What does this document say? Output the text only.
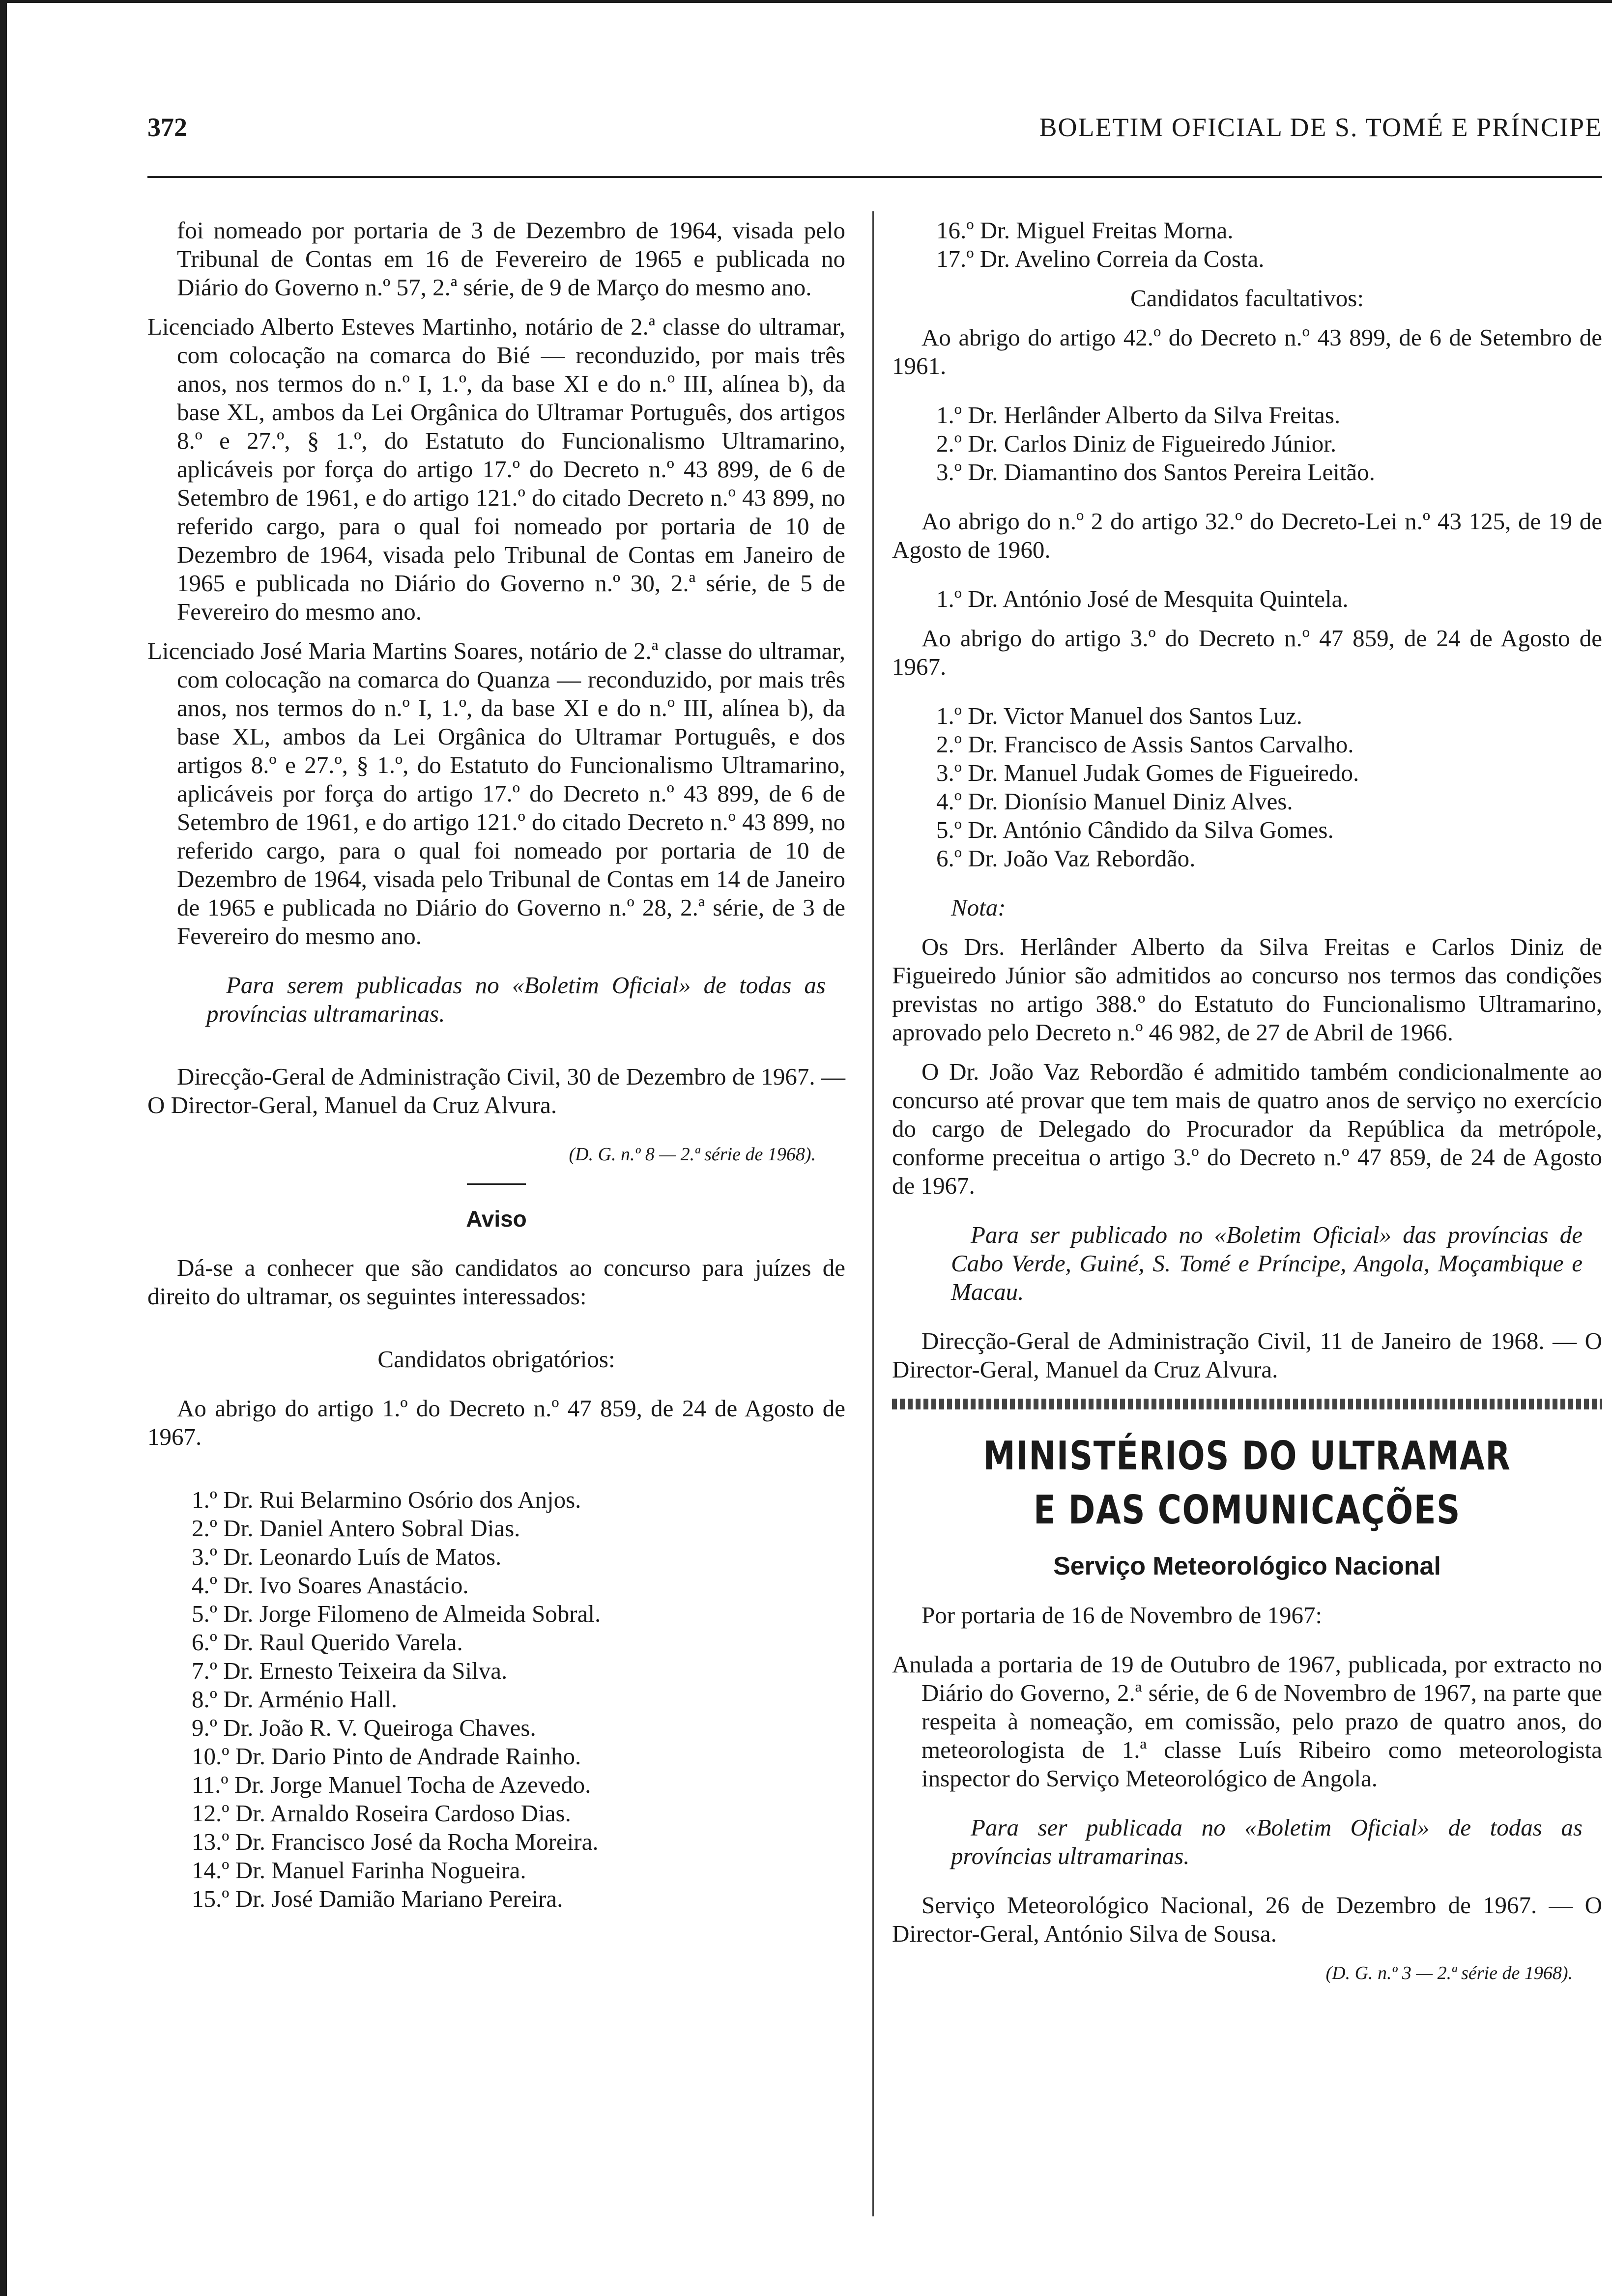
372	BOLETIM OFICIAL DE S. TOMÉ E PRÍNCIPE

foi nomeado por portaria de 3 de Dezembro de 1964, visada pelo Tribunal de Contas em 16 de Fevereiro de 1965 e publicada no Diário do Governo n.º 57, 2.ª série, de 9 de Março do mesmo ano.

Licenciado Alberto Esteves Martinho, notário de 2.ª classe do ultramar, com colocação na comarca do Bié — reconduzido, por mais três anos, nos termos do n.º I, 1.º, da base XI e do n.º III, alínea b), da base XL, ambos da Lei Orgânica do Ultramar Português, dos artigos 8.º e 27.º, § 1.º, do Estatuto do Funcionalismo Ultramarino, aplicáveis por força do artigo 17.º do Decreto n.º 43 899, de 6 de Setembro de 1961, e do artigo 121.º do citado Decreto n.º 43 899, no referido cargo, para o qual foi nomeado por portaria de 10 de Dezembro de 1964, visada pelo Tribunal de Contas em Janeiro de 1965 e publicada no Diário do Governo n.º 30, 2.ª série, de 5 de Fevereiro do mesmo ano.

Licenciado José Maria Martins Soares, notário de 2.ª classe do ultramar, com colocação na comarca do Quanza — reconduzido, por mais três anos, nos termos do n.º I, 1.º, da base XI e do n.º III, alínea b), da base XL, ambos da Lei Orgânica do Ultramar Português, e dos artigos 8.º e 27.º, § 1.º, do Estatuto do Funcionalismo Ultramarino, aplicáveis por força do artigo 17.º do Decreto n.º 43 899, de 6 de Setembro de 1961, e do artigo 121.º do citado Decreto n.º 43 899, no referido cargo, para o qual foi nomeado por portaria de 10 de Dezembro de 1964, visada pelo Tribunal de Contas em 14 de Janeiro de 1965 e publicada no Diário do Governo n.º 28, 2.ª série, de 3 de Fevereiro do mesmo ano.

Para serem publicadas no «Boletim Oficial» de todas as províncias ultramarinas.

Direcção-Geral de Administração Civil, 30 de Dezembro de 1967. — O Director-Geral, Manuel da Cruz Alvura.

(D. G. n.º 8 — 2.ª série de 1968).

Aviso

Dá-se a conhecer que são candidatos ao concurso para juízes de direito do ultramar, os seguintes interessados:

Candidatos obrigatórios:

Ao abrigo do artigo 1.º do Decreto n.º 47 859, de 24 de Agosto de 1967.

1.º Dr. Rui Belarmino Osório dos Anjos.

2.º Dr. Daniel Antero Sobral Dias.

3.º Dr. Leonardo Luís de Matos.

4.º Dr. Ivo Soares Anastácio.

5.º Dr. Jorge Filomeno de Almeida Sobral.

6.º Dr. Raul Querido Varela.

7.º Dr. Ernesto Teixeira da Silva.

8.º Dr. Arménio Hall.

9.º Dr. João R. V. Queiroga Chaves.

10.º Dr. Dario Pinto de Andrade Rainho.

11.º Dr. Jorge Manuel Tocha de Azevedo.

12.º Dr. Arnaldo Roseira Cardoso Dias.

13.º Dr. Francisco José da Rocha Moreira.

14.º Dr. Manuel Farinha Nogueira.

15.º Dr. José Damião Mariano Pereira.

16.º Dr. Miguel Freitas Morna.

17.º Dr. Avelino Correia da Costa.

Candidatos facultativos:

Ao abrigo do artigo 42.º do Decreto n.º 43 899, de 6 de Setembro de 1961.

1.º Dr. Herlânder Alberto da Silva Freitas.

2.º Dr. Carlos Diniz de Figueiredo Júnior.

3.º Dr. Diamantino dos Santos Pereira Leitão.

Ao abrigo do n.º 2 do artigo 32.º do Decreto-Lei n.º 43 125, de 19 de Agosto de 1960.

1.º Dr. António José de Mesquita Quintela.

Ao abrigo do artigo 3.º do Decreto n.º 47 859, de 24 de Agosto de 1967.

1.º Dr. Victor Manuel dos Santos Luz.

2.º Dr. Francisco de Assis Santos Carvalho.

3.º Dr. Manuel Judak Gomes de Figueiredo.

4.º Dr. Dionísio Manuel Diniz Alves.

5.º Dr. António Cândido da Silva Gomes.

6.º Dr. João Vaz Rebordão.

Nota:

Os Drs. Herlânder Alberto da Silva Freitas e Carlos Diniz de Figueiredo Júnior são admitidos ao concurso nos termos das condições previstas no artigo 388.º do Estatuto do Funcionalismo Ultramarino, aprovado pelo Decreto n.º 46 982, de 27 de Abril de 1966.

O Dr. João Vaz Rebordão é admitido também condicionalmente ao concurso até provar que tem mais de quatro anos de serviço no exercício do cargo de Delegado do Procurador da República da metrópole, conforme preceitua o artigo 3.º do Decreto n.º 47 859, de 24 de Agosto de 1967.

Para ser publicado no «Boletim Oficial» das províncias de Cabo Verde, Guiné, S. Tomé e Príncipe, Angola, Moçambique e Macau.

Direcção-Geral de Administração Civil, 11 de Janeiro de 1968. — O Director-Geral, Manuel da Cruz Alvura.

MINISTÉRIOS DO ULTRAMAR

E DAS COMUNICAÇÕES

Serviço Meteorológico Nacional

Por portaria de 16 de Novembro de 1967:

Anulada a portaria de 19 de Outubro de 1967, publicada, por extracto no Diário do Governo, 2.ª série, de 6 de Novembro de 1967, na parte que respeita à nomeação, em comissão, pelo prazo de quatro anos, do meteorologista de 1.ª classe Luís Ribeiro como meteorologista inspector do Serviço Meteorológico de Angola.

Para ser publicada no «Boletim Oficial» de todas as províncias ultramarinas.

Serviço Meteorológico Nacional, 26 de Dezembro de 1967. — O Director-Geral, António Silva de Sousa.

(D. G. n.º 3 — 2.ª série de 1968).
